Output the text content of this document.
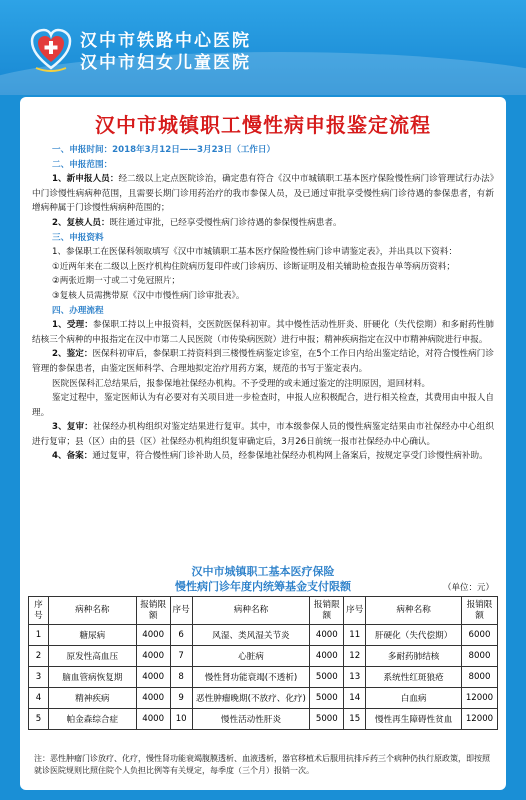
汉中市铁路中心医院
汉中市妇女儿童医院
汉中市城镇职工慢性病申报鉴定流程
一、申报时间：2018年3月12日——3月23日（工作日）
二、申报范围：
1、新申报人员：经二级以上定点医院诊治，确定患有符合《汉中市城镇职工基本医疗保险慢性病门诊管理试行办法》中门诊慢性病病种范围，且需要长期门诊用药治疗的我市参保人员，及已通过审批享受慢性病门诊待遇的参保患者，有新增病种属于门诊慢性病病种范围的；
2、复核人员：既往通过审批，已经享受慢性病门诊待遇的参保慢性病患者。
三、申报资料
1、参保职工在医保科领取填写《汉中市城镇职工基本医疗保险慢性病门诊申请鉴定表》，并出具以下资料：
①近两年来在二级以上医疗机构住院病历复印件或门诊病历、诊断证明及相关辅助检查报告单等病历资料；
②两张近期一寸或二寸免冠照片；
③复核人员需携带原《汉中市慢性病门诊审批表》。
四、办理流程
1、受理：参保职工持以上申报资料，交医院医保科初审。其中慢性活动性肝炎、肝硬化（失代偿期）和多耐药性肺结核三个病种的申报指定在汉中市第二人民医院（市传染病医院）进行申报；精神疾病指定在汉中市精神病院进行申报。
2、鉴定：医保科初审后，参保职工持资料到三楼慢性病鉴定诊室，在5个工作日内给出鉴定结论，对符合慢性病门诊管理的参保患者，由鉴定医师科学、合理地拟定治疗用药方案，规范的书写于鉴定表内。
医院医保科汇总结果后，报参保地社保经办机构。不予受理的或未通过鉴定的注明原因，退回材料。
鉴定过程中，鉴定医师认为有必要对有关项目进一步检查时，申报人应积极配合，进行相关检查，其费用由申报人自理。
3、复审：社保经办机构组织对鉴定结果进行复审。其中，市本级参保人员的慢性病鉴定结果由市社保经办中心组织进行复审；县（区）由的县（区）社保经办机构组织复审确定后，3月26日前统一报市社保经办中心确认。
4、备案：通过复审，符合慢性病门诊补助人员，经参保地社保经办机构网上备案后，按规定享受门诊慢性病补助。
汉中市城镇职工基本医疗保险
慢性病门诊年度内统筹基金支付限额	（单位：元）
序号	病种名称	报销限额	序号	病种名称	报销限额	序号	病种名称	报销限额
1	糖尿病	4000	6	风湿、类风湿关节炎	4000	11	肝硬化（失代偿期）	6000
2	原发性高血压	4000	7	心脏病	4000	12	多耐药肺结核	8000
3	脑血管病恢复期	4000	8	慢性肾功能衰竭(不透析)	5000	13	系统性红斑狼疮	8000
4	精神疾病	4000	9	恶性肿瘤晚期(不放疗、化疗)	5000	14	白血病	12000
5	帕金森综合症	4000	10	慢性活动性肝炎	5000	15	慢性再生障碍性贫血	12000
注：恶性肿瘤门诊放疗、化疗，慢性肾功能衰竭腹膜透析、血液透析，器官移植术后服用抗排斥药三个病种仍执行原政策，即按照就诊医院规则比照住院个人负担比例等有关规定，每季度（三个月）报销一次。
